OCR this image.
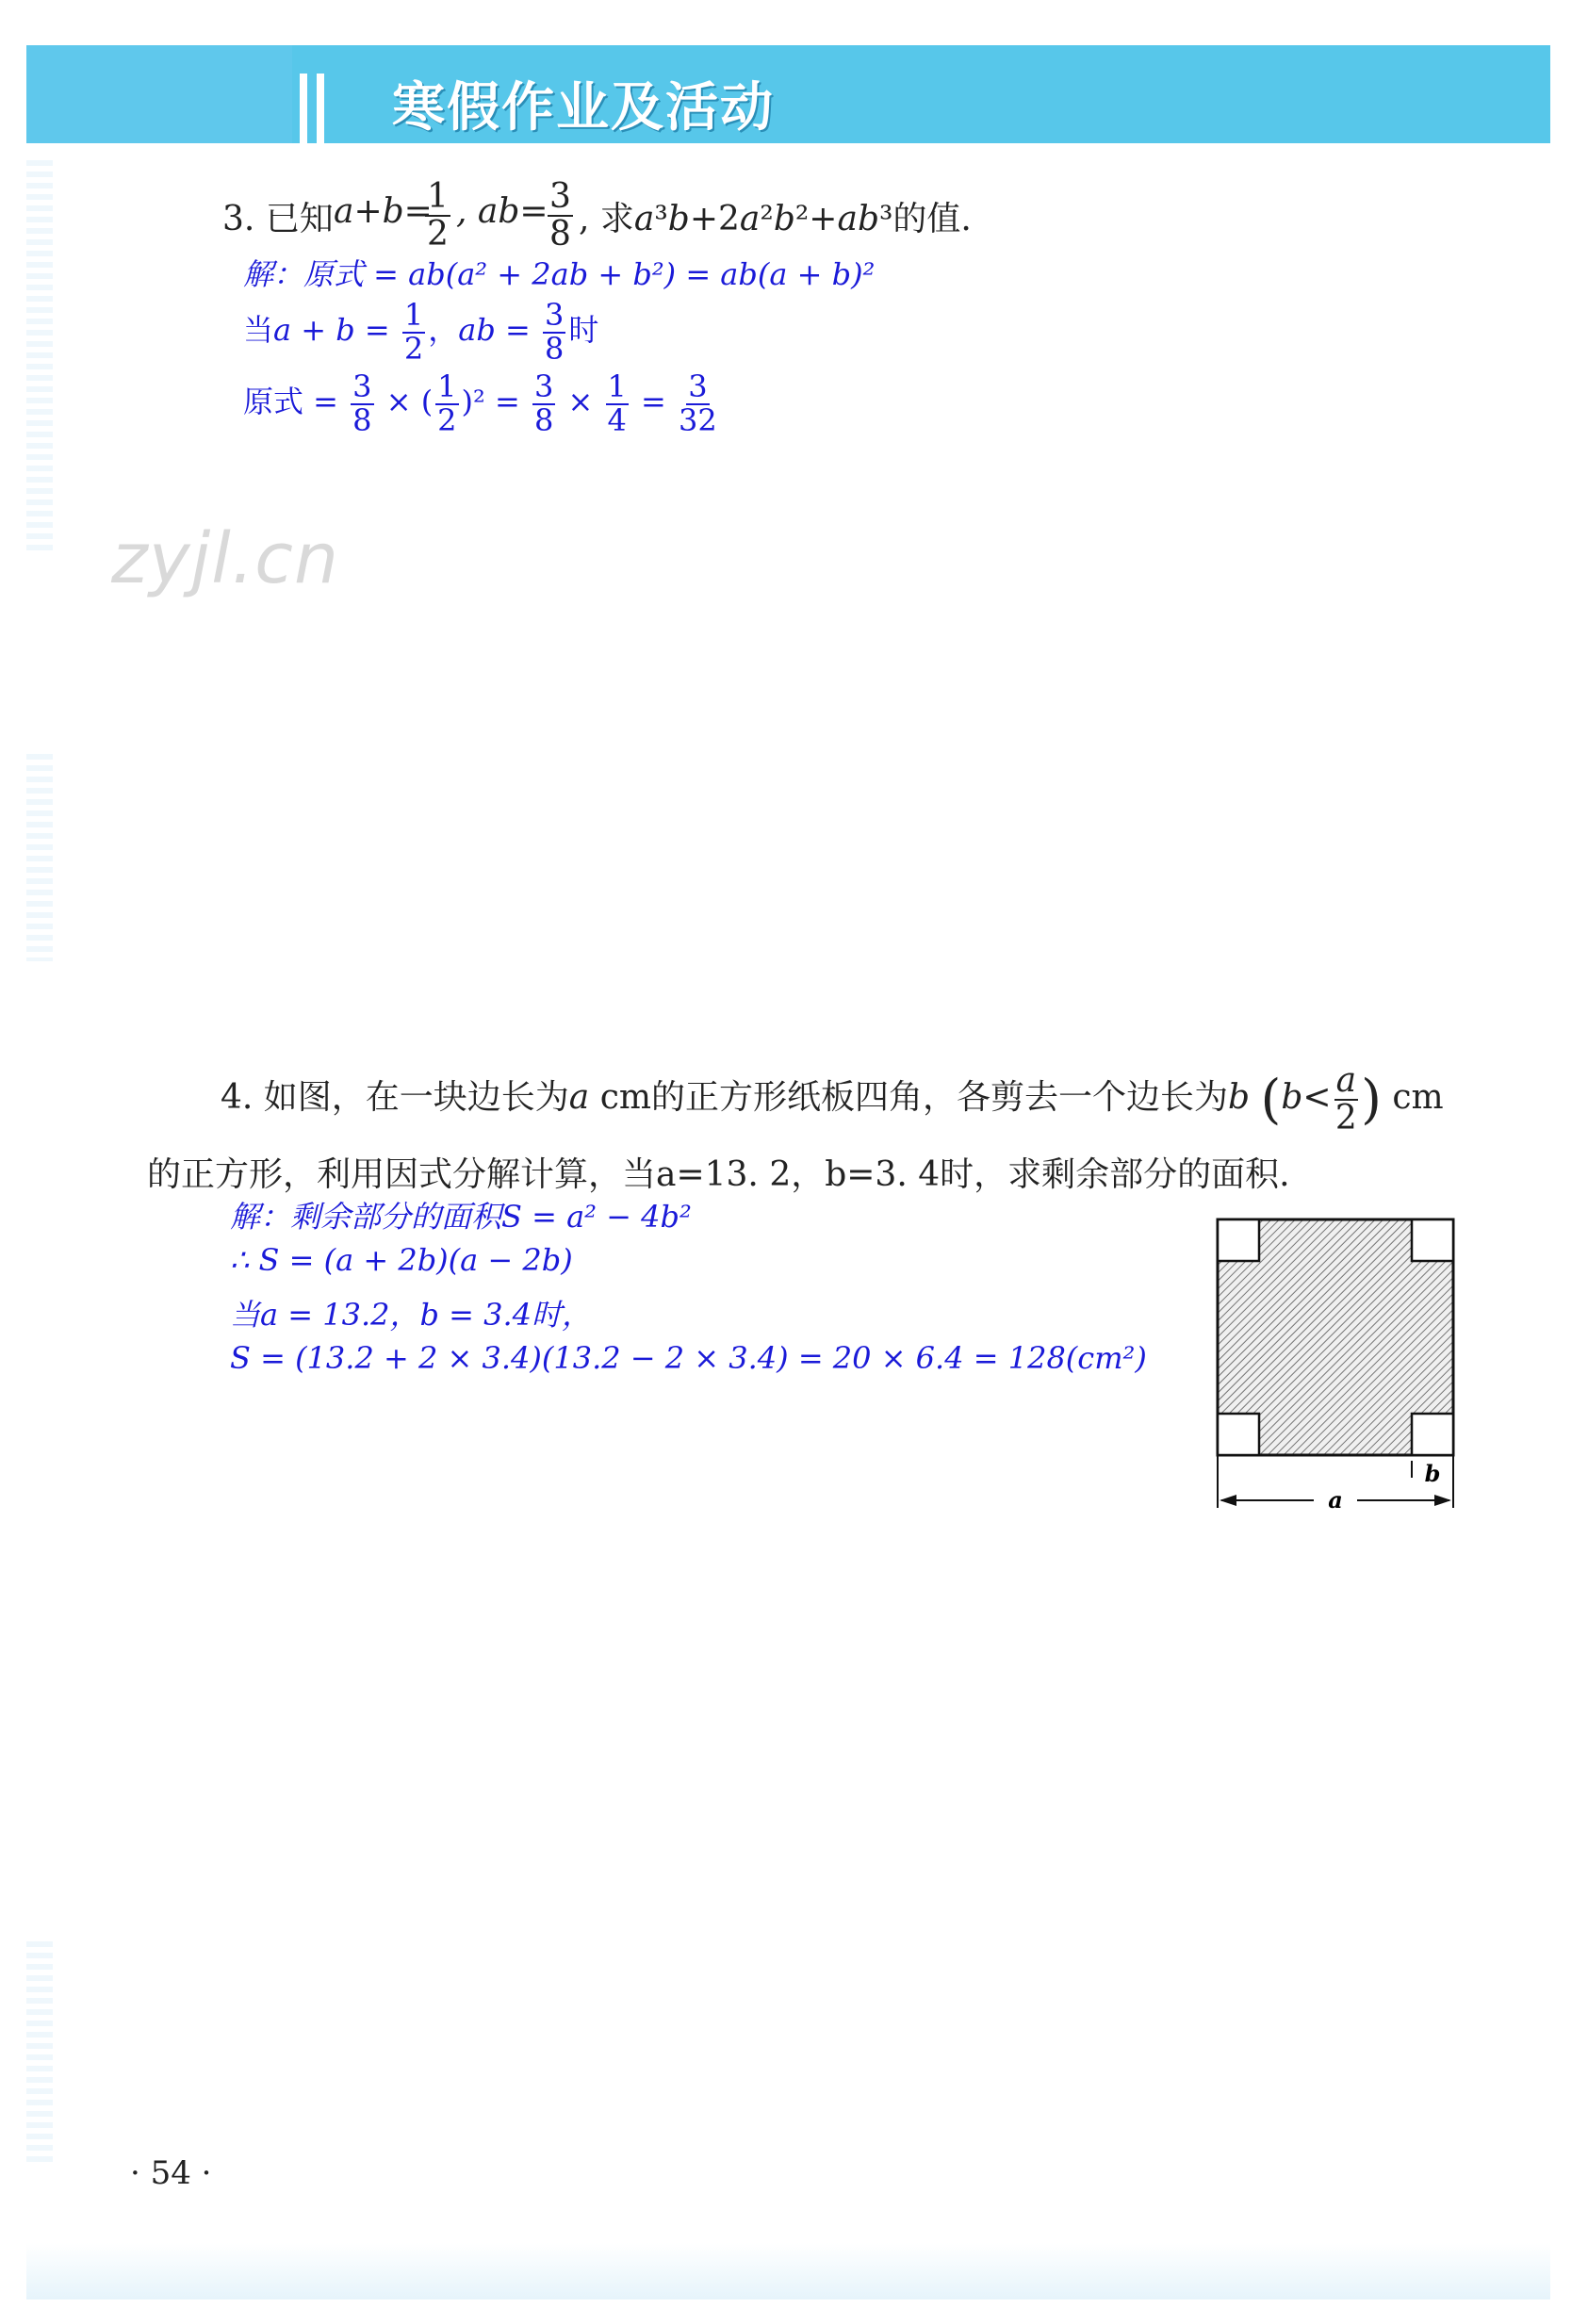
寒假作业及活动
3. 已知 a+b=
$\frac{1}{2}$ , $ab= \frac{3}{8}$ , 求a³b+2a²b²+ab³的值.
解：原式 = ab(a² + 2ab + b²) = ab(a + b)²
当$a + b = \frac{1}{2}$ ，ab = $\frac{3}{8}$ 时
原式 = $\frac{3}{8}$ × ( $\frac{1}{2} )^2 = \frac{3}{8} \times \frac{1}{4} = \frac{3}{32}$
zyjl.cn
4. 如图，在一块边长为a cm的正方形纸板四角，各剪去一个边长为b ($b< \frac{a}{2}$ ) cm
的正方形，利用因式分解计算，当a=13. 2，b=3. 4时，求剩余部分的面积.
解：剩余部分的面积S = a² − 4b²
∴ S = (a + 2b)(a − 2b)
当a = 13.2，b = 3.4时，
S = (13.2 + 2 × 3.4)(13.2 − 2 × 3.4) = 20 × 6.4 = 128(cm²)
b
a
· 54 ·
